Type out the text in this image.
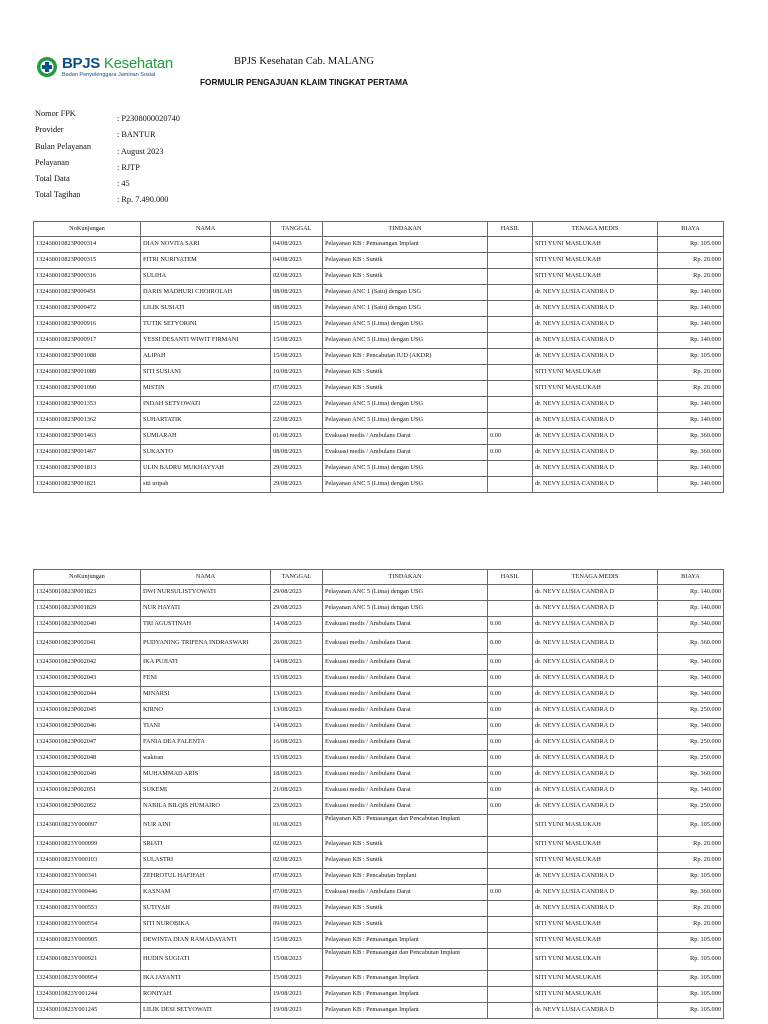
BPJS Kesehatan
Badan Penyelenggara Jaminan Sosial
BPJS Kesehatan Cab. MALANG
FORMULIR PENGAJUAN KLAIM TINGKAT PERTAMA
Nomor FPK
: P2308000020740
Provider
: BANTUR
Bulan Pelayanan
: August 2023
Pelayanan
: RJTP
Total Data
: 45
Total Tagihan
: Rp. 7.490.000
NoKunjungan	NAMA	TANGGAL	TINDAKAN	HASIL	TENAGA MEDIS	BIAYA
132430010823P000314	DIAN NOVITA SARI	04/08/2023	Pelayanan KB : Pemasangan Implant		SITI YUNI MASLUKAH	Rp. 105.000
132430010823P000315	FITRI NURIYATEM	04/08/2023	Pelayanan KB : Suntik		SITI YUNI MASLUKAH	Rp. 20.000
132430010823P000316	SULIHA	02/08/2023	Pelayanan KB : Suntik		SITI YUNI MASLUKAH	Rp. 20.000
132430010823P000451	DARIS MADHURI CHOIROLAH	08/08/2023	Pelayanan ANC 1 (Satu) dengan USG		dr. NEVY LUSIA CANDRA D	Rp. 140.000
132430010823P000472	LILIK SUSIATI	08/08/2023	Pelayanan ANC 1 (Satu) dengan USG		dr. NEVY LUSIA CANDRA D	Rp. 140.000
132430010823P000916	TUTIK SETYORINI	15/08/2023	Pelayanan ANC 5 (Lima) dengan USG		dr. NEVY LUSIA CANDRA D	Rp. 140.000
132430010823P000917	YESSI DESANTI WIWIT FIRMANI	15/08/2023	Pelayanan ANC 5 (Lima) dengan USG		dr. NEVY LUSIA CANDRA D	Rp. 140.000
132430010823P001088	ALIPAH	15/08/2023	Pelayanan KB : Pencabutan IUD (AKDR)		dr. NEVY LUSIA CANDRA D	Rp. 105.000
132430010823P001089	SITI SUSIANI	10/08/2023	Pelayanan KB : Suntik		SITI YUNI MASLUKAH	Rp. 20.000
132430010823P001090	MISTIN	07/08/2023	Pelayanan KB : Suntik		SITI YUNI MASLUKAH	Rp. 20.000
132430010823P001353	INDAH SETYOWATI	22/08/2023	Pelayanan ANC 5 (Lima) dengan USG		dr. NEVY LUSIA CANDRA D	Rp. 140.000
132430010823P001362	SUHARTATIK	22/08/2023	Pelayanan ANC 5 (Lima) dengan USG		dr. NEVY LUSIA CANDRA D	Rp. 140.000
132430010823P001463	SUMIARAH	01/08/2023	Evakuasi medis / Ambulans Darat	0.00	dr. NEVY LUSIA CANDRA D	Rp. 360.000
132430010823P001467	SUKANTO	08/08/2023	Evakuasi medis / Ambulans Darat	0.00	dr. NEVY LUSIA CANDRA D	Rp. 360.000
132430010823P001813	ULIN BADRU MUKHAYYAH	29/08/2023	Pelayanan ANC 5 (Lima) dengan USG		dr. NEVY LUSIA CANDRA D	Rp. 140.000
132430010823P001821	siti uripah	29/08/2023	Pelayanan ANC 5 (Lima) dengan USG		dr. NEVY LUSIA CANDRA D	Rp. 140.000
NoKunjungan	NAMA	TANGGAL	TINDAKAN	HASIL	TENAGA MEDIS	BIAYA
132430010823P001823	DWI NURSULISTYOWATI	29/08/2023	Pelayanan ANC 5 (Lima) dengan USG		dr. NEVY LUSIA CANDRA D	Rp. 140.000
132430010823P001829	NUR HAYATI	29/08/2023	Pelayanan ANC 5 (Lima) dengan USG		dr. NEVY LUSIA CANDRA D	Rp. 140.000
132430010823P002040	TRI AGUSTINAH	14/08/2023	Evakuasi medis / Ambulans Darat	0.00	dr. NEVY LUSIA CANDRA D	Rp. 340.000
132430010823P002041	PUDYANING TRIFENA INDRASWARI	20/08/2023	Evakuasi medis / Ambulans Darat	0.00	dr. NEVY LUSIA CANDRA D	Rp. 360.000
132430010823P002042	IKA PUJIATI	14/08/2023	Evakuasi medis / Ambulans Darat	0.00	dr. NEVY LUSIA CANDRA D	Rp. 340.000
132430010823P002043	FENI	15/08/2023	Evakuasi medis / Ambulans Darat	0.00	dr. NEVY LUSIA CANDRA D	Rp. 340.000
132430010823P002044	MINARSI	13/08/2023	Evakuasi medis / Ambulans Darat	0.00	dr. NEVY LUSIA CANDRA D	Rp. 340.000
132430010823P002045	KIRNO	13/08/2023	Evakuasi medis / Ambulans Darat	0.00	dr. NEVY LUSIA CANDRA D	Rp. 250.000
132430010823P002046	TIANI	14/08/2023	Evakuasi medis / Ambulans Darat	0.00	dr. NEVY LUSIA CANDRA D	Rp. 340.000
132430010823P002047	FANIA DEA FALENTA	16/08/2023	Evakuasi medis / Ambulans Darat	0.00	dr. NEVY LUSIA CANDRA D	Rp. 250.000
132430010823P002048	wakiran	15/08/2023	Evakuasi medis / Ambulans Darat	0.00	dr. NEVY LUSIA CANDRA D	Rp. 250.000
132430010823P002049	MUHAMMAD ARIS	18/08/2023	Evakuasi medis / Ambulans Darat	0.00	dr. NEVY LUSIA CANDRA D	Rp. 360.000
132430010823P002051	SUKEMI	21/08/2023	Evakuasi medis / Ambulans Darat	0.00	dr. NEVY LUSIA CANDRA D	Rp. 340.000
132430010823P002052	NABILA BILQIS HUMAIRO	23/08/2023	Evakuasi medis / Ambulans Darat	0.00	dr. NEVY LUSIA CANDRA D	Rp. 250.000
132430010823Y000097	NUR AINI	01/08/2023	Pelayanan KB : Pemasangan dan Pencabutan Implant		SITI YUNI MASLUKAH	Rp. 105.000
132430010823Y000099	SRIATI	02/08/2023	Pelayanan KB : Suntik		SITI YUNI MASLUKAH	Rp. 20.000
132430010823Y000103	SULASTRI	02/08/2023	Pelayanan KB : Suntik		SITI YUNI MASLUKAH	Rp. 20.000
132430010823Y000341	ZEHROTUL HAFIFAH	07/08/2023	Pelayanan KB : Pencabutan Implant		dr. NEVY LUSIA CANDRA D	Rp. 105.000
132430010823Y000446	KASNAM	07/08/2023	Evakuasi medis / Ambulans Darat	0.00	dr. NEVY LUSIA CANDRA D	Rp. 360.000
132430010823Y000553	SUTIYAH	09/08/2023	Pelayanan KB : Suntik		dr. NEVY LUSIA CANDRA D	Rp. 20.000
132430010823Y000554	SITI NUROBIKA	09/08/2023	Pelayanan KB : Suntik		SITI YUNI MASLUKAH	Rp. 20.000
132430010823Y000905	DEWINTA DIAN RAMADAYANTI	15/08/2023	Pelayanan KB : Pemasangan Implant		SITI YUNI MASLUKAH	Rp. 105.000
132430010823Y000921	HUDIN SUGIATI	15/08/2023	Pelayanan KB : Pemasangan dan Pencabutan Implant		SITI YUNI MASLUKAH	Rp. 105.000
132430010823Y000954	IKA JAYANTI	15/08/2023	Pelayanan KB : Pemasangan Implant		SITI YUNI MASLUKAH	Rp. 105.000
132430010823Y001244	RONIYAH	19/08/2023	Pelayanan KB : Pemasangan Implant		SITI YUNI MASLUKAH	Rp. 105.000
132430010823Y001245	LILIK DESI SETYOWATI	19/08/2023	Pelayanan KB : Pemasangan Implant		dr. NEVY LUSIA CANDRA D	Rp. 105.000
